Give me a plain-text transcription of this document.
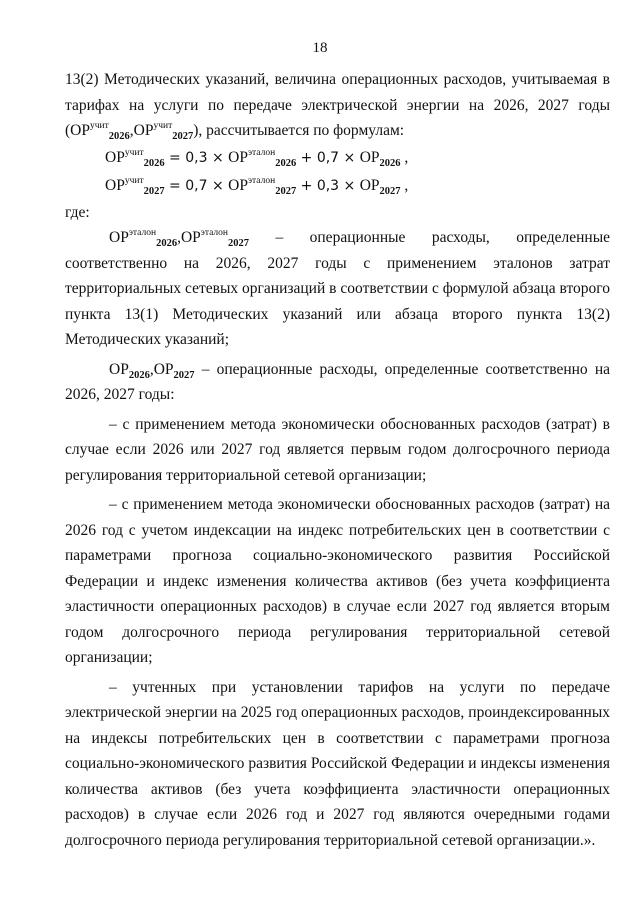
18

13(2) Методических указаний, величина операционных расходов, учитываемая в тарифах на услуги по передаче электрической энергии на 2026, 2027 годы $(ОР^{учит}_{2026},ОР^{учит}_{2027})$, рассчитывается по формулам:

$ОР^{учит}_{2026} = 0,3 \times ОР^{эталон}_{2026} + 0,7 \times ОР_{2026}$ ,
$ОР^{учит}_{2027} = 0,7 \times ОР^{эталон}_{2027} + 0,3 \times ОР_{2027}$ ,

где:

$ОР^{эталон}_{2026},ОР^{эталон}_{2027}$ – операционные расходы, определенные соответственно на 2026, 2027 годы с применением эталонов затрат территориальных сетевых организаций в соответствии с формулой абзаца второго пункта 13(1) Методических указаний или абзаца второго пункта 13(2) Методических указаний;

$ОР_{2026},ОР_{2027}$ – операционные расходы, определенные соответственно на 2026, 2027 годы:

– с применением метода экономически обоснованных расходов (затрат) в случае если 2026 или 2027 год является первым годом долгосрочного периода регулирования территориальной сетевой организации;

– с применением метода экономически обоснованных расходов (затрат) на 2026 год с учетом индексации на индекс потребительских цен в соответствии с параметрами прогноза социально-экономического развития Российской Федерации и индекс изменения количества активов (без учета коэффициента эластичности операционных расходов) в случае если 2027 год является вторым годом долгосрочного периода регулирования территориальной сетевой организации;

– учтенных при установлении тарифов на услуги по передаче электрической энергии на 2025 год операционных расходов, проиндексированных на индексы потребительских цен в соответствии с параметрами прогноза социально-экономического развития Российской Федерации и индексы изменения количества активов (без учета коэффициента эластичности операционных расходов) в случае если 2026 год и 2027 год являются очередными годами долгосрочного периода регулирования территориальной сетевой организации.».
